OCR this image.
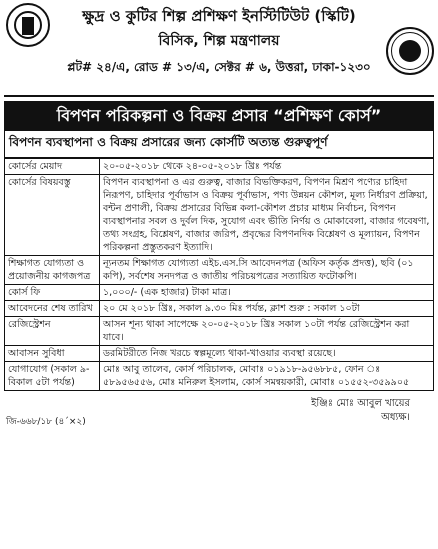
ক্ষুদ্র ও কুটির শিল্প প্রশিক্ষণ ইনস্টিটিউট (স্কিটি)
বিসিক, শিল্প মন্ত্রণালয়
প্লট# ২৪/এ, রোড # ১৩/এ, সেক্টর # ৬, উত্তরা, ঢাকা-১২৩০
বিপণন পরিকল্পনা ও বিক্রয় প্রসার “প্রশিক্ষণ কোর্স”
বিপণন ব্যবস্থাপনা ও বিক্রয় প্রসারের জন্য কোর্সটি অত্যন্ত গুরুত্বপূর্ণ
কোর্সের মেয়াদ	২০-০৫-২০১৮ থেকে ২৪-০৫-২০১৮ খ্রিঃ পর্যন্ত
কোর্সের বিষয়বস্তু	বিপণন ব্যবস্থাপনা ও এর গুরুত্ব, বাজার বিভক্তিকরণ, বিপণন মিশ্রণ পণ্যের চাহিদা নিরূপণ, চাহিদার পূর্বাভাস ও বিক্রয় পূর্বাভাস, পণ্য উন্নয়ন কৌশল, মূল্য নির্ধারণ প্রক্রিয়া, বন্টন প্রণালী, বিক্রয় প্রসারের বিভিন্ন কলা-কৌশল প্রচার মাধ্যম নির্বাচন, বিপণন ব্যবস্থাপনার সবল ও দুর্বল দিক, সুযোগ এবং ভীতি নির্ণয় ও মোকাবেলা, বাজার গবেষণা, তথ্য সংগ্রহ, বিশ্লেষণ, বাজার জরিপ, প্রবৃদ্ধের বিপণনদিক বিশ্লেষণ ও মূল্যায়ন, বিপণন পরিকল্পনা প্রস্তুতকরণ ইত্যাদি।
শিক্ষাগত যোগ্যতা ও প্রয়োজনীয় কাগজপত্র	ন্যূনতম শিক্ষাগত যোগ্যতা এইচ.এস.সি আবেদনপত্র (অফিস কর্তৃক প্রদত্ত), ছবি (০১ কপি), সর্বশেষ সনদপত্র ও জাতীয় পরিচয়পত্রের সত্যায়িত ফটোকপি।
কোর্স ফি	১,০০০/- (এক হাজার) টাকা মাত্র।
আবেদনের শেষ তারিখ	২০ মে ২০১৮ খ্রিঃ, সকাল ৯.৩০ মিঃ পর্যন্ত, ক্লাশ শুরু : সকাল ১০টা
রেজিস্ট্রেশন	আসন শূন্য থাকা সাপেক্ষে ২০-০৫-২০১৮ খ্রিঃ সকাল ১০টা পর্যন্ত রেজিস্ট্রেশন করা যাবে।
আবাসন সুবিধা	ডরমিটরীতে নিজ খরচে স্বল্পমূল্যে থাকা-খাওয়ার ব্যবস্থা রয়েছে।
যোগাযোগ (সকাল ৯-বিকাল ৫টা পর্যন্ত)	মোঃ আবু তালেব, কোর্স পরিচালক, মোবাঃ ০১৯১৮-৯৫৬৮৮৫, ফোন ঃ ৫৮৯৫৬৫৫৬, মোঃ মনিরুল ইসলাম, কোর্স সমন্বয়কারী, মোবাঃ ০১৫৫২-৩৫৯৯০৫
ইঞ্জিঃ মোঃ আবুল খায়ের
অধ্যক্ষ।
জি-৬৬৮/১৮ (৪´×২)
